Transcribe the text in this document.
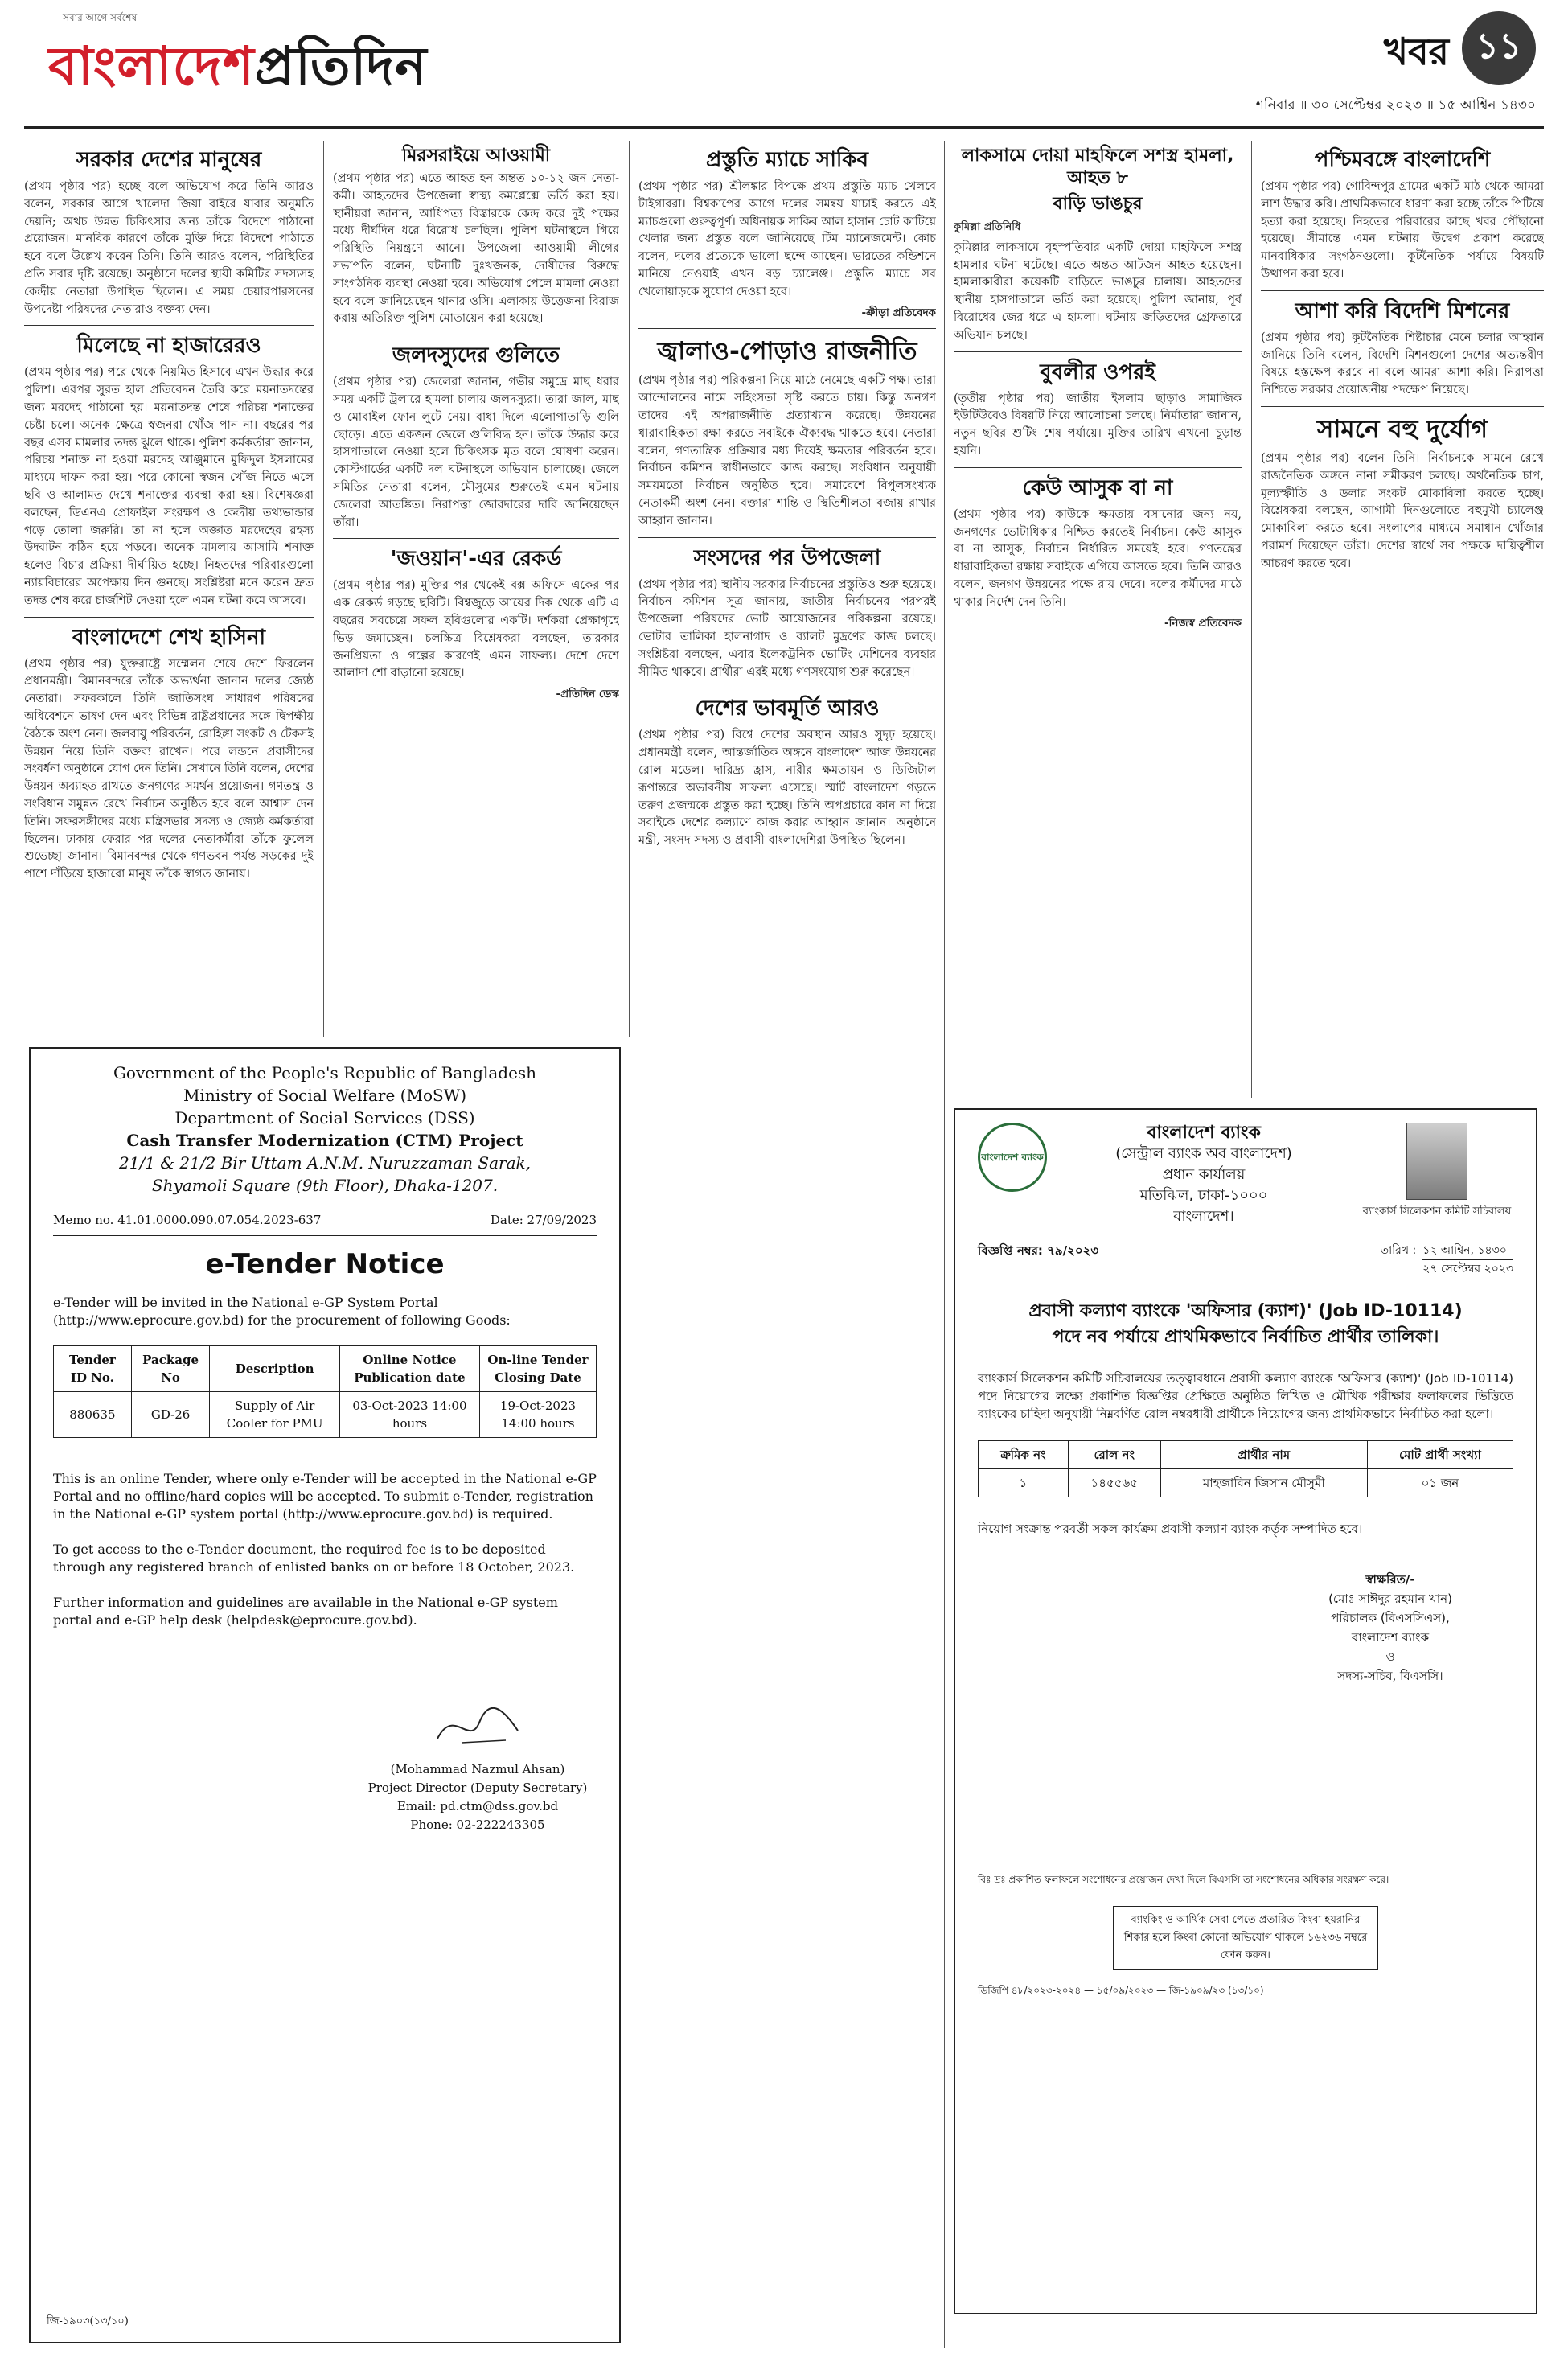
সবার আগে সর্বশেষ
বাংলাদেশপ্রতিদিন	খবর ১১
শনিবার ॥ ৩০ সেপ্টেম্বর ২০২৩ ॥ ১৫ আশ্বিন ১৪৩০
সরকার দেশের মানুষের

(প্রথম পৃষ্ঠার পর) হচ্ছে বলে অভিযোগ করে তিনি আরও বলেন, সরকার আগে খালেদা জিয়া বাইরে যাবার অনুমতি দেয়নি; অথচ উন্নত চিকিৎসার জন্য তাঁকে বিদেশে পাঠানো প্রয়োজন। মানবিক কারণে তাঁকে মুক্তি দিয়ে বিদেশে পাঠাতে হবে বলে উল্লেখ করেন তিনি। তিনি আরও বলেন, পরিস্থিতির প্রতি সবার দৃষ্টি রয়েছে। অনুষ্ঠানে দলের স্থায়ী কমিটির সদস্যসহ কেন্দ্রীয় নেতারা উপস্থিত ছিলেন। এ সময় চেয়ারপারসনের উপদেষ্টা পরিষদের নেতারাও বক্তব্য দেন।

মিলেছে না হাজারেরও

(প্রথম পৃষ্ঠার পর) পরে থেকে নিয়মিত হিসাবে এখন উদ্ধার করে পুলিশ। এরপর সুরত হাল প্রতিবেদন তৈরি করে ময়নাতদন্তের জন্য মরদেহ পাঠানো হয়। ময়নাতদন্ত শেষে পরিচয় শনাক্তের চেষ্টা চলে। অনেক ক্ষেত্রে স্বজনরা খোঁজ পান না। বছরের পর বছর এসব মামলার তদন্ত ঝুলে থাকে। পুলিশ কর্মকর্তারা জানান, পরিচয় শনাক্ত না হওয়া মরদেহ আঞ্জুমানে মুফিদুল ইসলামের মাধ্যমে দাফন করা হয়। পরে কোনো স্বজন খোঁজ নিতে এলে ছবি ও আলামত দেখে শনাক্তের ব্যবস্থা করা হয়। বিশেষজ্ঞরা বলছেন, ডিএনএ প্রোফাইল সংরক্ষণ ও কেন্দ্রীয় তথ্যভান্ডার গড়ে তোলা জরুরি। তা না হলে অজ্ঞাত মরদেহের রহস্য উদ্ঘাটন কঠিন হয়ে পড়বে। অনেক মামলায় আসামি শনাক্ত হলেও বিচার প্রক্রিয়া দীর্ঘায়িত হচ্ছে। নিহতদের পরিবারগুলো ন্যায়বিচারের অপেক্ষায় দিন গুনছে। সংশ্লিষ্টরা মনে করেন দ্রুত তদন্ত শেষ করে চার্জশিট দেওয়া হলে এমন ঘটনা কমে আসবে।

বাংলাদেশে শেখ হাসিনা

(প্রথম পৃষ্ঠার পর) যুক্তরাষ্ট্রে সম্মেলন শেষে দেশে ফিরলেন প্রধানমন্ত্রী। বিমানবন্দরে তাঁকে অভ্যর্থনা জানান দলের জ্যেষ্ঠ নেতারা। সফরকালে তিনি জাতিসংঘ সাধারণ পরিষদের অধিবেশনে ভাষণ দেন এবং বিভিন্ন রাষ্ট্রপ্রধানের সঙ্গে দ্বিপক্ষীয় বৈঠকে অংশ নেন। জলবায়ু পরিবর্তন, রোহিঙ্গা সংকট ও টেকসই উন্নয়ন নিয়ে তিনি বক্তব্য রাখেন। পরে লন্ডনে প্রবাসীদের সংবর্ধনা অনুষ্ঠানে যোগ দেন তিনি। সেখানে তিনি বলেন, দেশের উন্নয়ন অব্যাহত রাখতে জনগণের সমর্থন প্রয়োজন। গণতন্ত্র ও সংবিধান সমুন্নত রেখে নির্বাচন অনুষ্ঠিত হবে বলে আশ্বাস দেন তিনি। সফরসঙ্গীদের মধ্যে মন্ত্রিসভার সদস্য ও জ্যেষ্ঠ কর্মকর্তারা ছিলেন। ঢাকায় ফেরার পর দলের নেতাকর্মীরা তাঁকে ফুলেল শুভেচ্ছা জানান। বিমানবন্দর থেকে গণভবন পর্যন্ত সড়কের দুই পাশে দাঁড়িয়ে হাজারো মানুষ তাঁকে স্বাগত জানায়।

মিরসরাইয়ে আওয়ামী

(প্রথম পৃষ্ঠার পর) এতে আহত হন অন্তত ১০-১২ জন নেতা-কর্মী। আহতদের উপজেলা স্বাস্থ্য কমপ্লেক্সে ভর্তি করা হয়। স্থানীয়রা জানান, আধিপত্য বিস্তারকে কেন্দ্র করে দুই পক্ষের মধ্যে দীর্ঘদিন ধরে বিরোধ চলছিল। পুলিশ ঘটনাস্থলে গিয়ে পরিস্থিতি নিয়ন্ত্রণে আনে। উপজেলা আওয়ামী লীগের সভাপতি বলেন, ঘটনাটি দুঃখজনক, দোষীদের বিরুদ্ধে সাংগঠনিক ব্যবস্থা নেওয়া হবে। অভিযোগ পেলে মামলা নেওয়া হবে বলে জানিয়েছেন থানার ওসি। এলাকায় উত্তেজনা বিরাজ করায় অতিরিক্ত পুলিশ মোতায়েন করা হয়েছে।

জলদস্যুদের গুলিতে

(প্রথম পৃষ্ঠার পর) জেলেরা জানান, গভীর সমুদ্রে মাছ ধরার সময় একটি ট্রলারে হামলা চালায় জলদস্যুরা। তারা জাল, মাছ ও মোবাইল ফোন লুটে নেয়। বাধা দিলে এলোপাতাড়ি গুলি ছোড়ে। এতে একজন জেলে গুলিবিদ্ধ হন। তাঁকে উদ্ধার করে হাসপাতালে নেওয়া হলে চিকিৎসক মৃত বলে ঘোষণা করেন। কোস্টগার্ডের একটি দল ঘটনাস্থলে অভিযান চালাচ্ছে। জেলে সমিতির নেতারা বলেন, মৌসুমের শুরুতেই এমন ঘটনায় জেলেরা আতঙ্কিত। নিরাপত্তা জোরদারের দাবি জানিয়েছেন তাঁরা।

'জওয়ান'-এর রেকর্ড

(প্রথম পৃষ্ঠার পর) মুক্তির পর থেকেই বক্স অফিসে একের পর এক রেকর্ড গড়ছে ছবিটি। বিশ্বজুড়ে আয়ের দিক থেকে এটি এ বছরের সবচেয়ে সফল ছবিগুলোর একটি। দর্শকরা প্রেক্ষাগৃহে ভিড় জমাচ্ছেন। চলচ্চিত্র বিশ্লেষকরা বলছেন, তারকার জনপ্রিয়তা ও গল্পের কারণেই এমন সাফল্য। দেশে দেশে আলাদা শো বাড়ানো হয়েছে।

-প্রতিদিন ডেস্ক
প্রস্তুতি ম্যাচে সাকিব

(প্রথম পৃষ্ঠার পর) শ্রীলঙ্কার বিপক্ষে প্রথম প্রস্তুতি ম্যাচ খেলবে টাইগাররা। বিশ্বকাপের আগে দলের সমন্বয় যাচাই করতে এই ম্যাচগুলো গুরুত্বপূর্ণ। অধিনায়ক সাকিব আল হাসান চোট কাটিয়ে খেলার জন্য প্রস্তুত বলে জানিয়েছে টিম ম্যানেজমেন্ট। কোচ বলেন, দলের প্রত্যেকে ভালো ছন্দে আছেন। ভারতের কন্ডিশনে মানিয়ে নেওয়াই এখন বড় চ্যালেঞ্জ। প্রস্তুতি ম্যাচে সব খেলোয়াড়কে সুযোগ দেওয়া হবে।

-ক্রীড়া প্রতিবেদক
জ্বালাও-পোড়াও রাজনীতি

(প্রথম পৃষ্ঠার পর) পরিকল্পনা নিয়ে মাঠে নেমেছে একটি পক্ষ। তারা আন্দোলনের নামে সহিংসতা সৃষ্টি করতে চায়। কিন্তু জনগণ তাদের এই অপরাজনীতি প্রত্যাখ্যান করেছে। উন্নয়নের ধারাবাহিকতা রক্ষা করতে সবাইকে ঐক্যবদ্ধ থাকতে হবে। নেতারা বলেন, গণতান্ত্রিক প্রক্রিয়ার মধ্য দিয়েই ক্ষমতার পরিবর্তন হবে। নির্বাচন কমিশন স্বাধীনভাবে কাজ করছে। সংবিধান অনুযায়ী সময়মতো নির্বাচন অনুষ্ঠিত হবে। সমাবেশে বিপুলসংখ্যক নেতাকর্মী অংশ নেন। বক্তারা শান্তি ও স্থিতিশীলতা বজায় রাখার আহ্বান জানান।

সংসদের পর উপজেলা

(প্রথম পৃষ্ঠার পর) স্থানীয় সরকার নির্বাচনের প্রস্তুতিও শুরু হয়েছে। নির্বাচন কমিশন সূত্র জানায়, জাতীয় নির্বাচনের পরপরই উপজেলা পরিষদের ভোট আয়োজনের পরিকল্পনা রয়েছে। ভোটার তালিকা হালনাগাদ ও ব্যালট মুদ্রণের কাজ চলছে। সংশ্লিষ্টরা বলছেন, এবার ইলেকট্রনিক ভোটিং মেশিনের ব্যবহার সীমিত থাকবে। প্রার্থীরা এরই মধ্যে গণসংযোগ শুরু করেছেন।

দেশের ভাবমূর্তি আরও

(প্রথম পৃষ্ঠার পর) বিশ্বে দেশের অবস্থান আরও সুদৃঢ় হয়েছে। প্রধানমন্ত্রী বলেন, আন্তর্জাতিক অঙ্গনে বাংলাদেশ আজ উন্নয়নের রোল মডেল। দারিদ্র্য হ্রাস, নারীর ক্ষমতায়ন ও ডিজিটাল রূপান্তরে অভাবনীয় সাফল্য এসেছে। স্মার্ট বাংলাদেশ গড়তে তরুণ প্রজন্মকে প্রস্তুত করা হচ্ছে। তিনি অপপ্রচারে কান না দিয়ে সবাইকে দেশের কল্যাণে কাজ করার আহ্বান জানান। অনুষ্ঠানে মন্ত্রী, সংসদ সদস্য ও প্রবাসী বাংলাদেশিরা উপস্থিত ছিলেন।

লাকসামে দোয়া মাহফিলে সশস্ত্র হামলা, আহত ৮
বাড়ি ভাঙচুর
কুমিল্লা প্রতিনিধি

কুমিল্লার লাকসামে বৃহস্পতিবার একটি দোয়া মাহফিলে সশস্ত্র হামলার ঘটনা ঘটেছে। এতে অন্তত আটজন আহত হয়েছেন। হামলাকারীরা কয়েকটি বাড়িতে ভাঙচুর চালায়। আহতদের স্থানীয় হাসপাতালে ভর্তি করা হয়েছে। পুলিশ জানায়, পূর্ব বিরোধের জের ধরে এ হামলা। ঘটনায় জড়িতদের গ্রেফতারে অভিযান চলছে।

বুবলীর ওপরই

(তৃতীয় পৃষ্ঠার পর) জাতীয় ইসলাম ছাড়াও সামাজিক ইউটিউবেও বিষয়টি নিয়ে আলোচনা চলছে। নির্মাতারা জানান, নতুন ছবির শুটিং শেষ পর্যায়ে। মুক্তির তারিখ এখনো চূড়ান্ত হয়নি।

কেউ আসুক বা না

(প্রথম পৃষ্ঠার পর) কাউকে ক্ষমতায় বসানোর জন্য নয়, জনগণের ভোটাধিকার নিশ্চিত করতেই নির্বাচন। কেউ আসুক বা না আসুক, নির্বাচন নির্ধারিত সময়েই হবে। গণতন্ত্রের ধারাবাহিকতা রক্ষায় সবাইকে এগিয়ে আসতে হবে। তিনি আরও বলেন, জনগণ উন্নয়নের পক্ষে রায় দেবে। দলের কর্মীদের মাঠে থাকার নির্দেশ দেন তিনি।

-নিজস্ব প্রতিবেদক
পশ্চিমবঙ্গে বাংলাদেশি

(প্রথম পৃষ্ঠার পর) গোবিন্দপুর গ্রামের একটি মাঠ থেকে আমরা লাশ উদ্ধার করি। প্রাথমিকভাবে ধারণা করা হচ্ছে তাঁকে পিটিয়ে হত্যা করা হয়েছে। নিহতের পরিবারের কাছে খবর পৌঁছানো হয়েছে। সীমান্তে এমন ঘটনায় উদ্বেগ প্রকাশ করেছে মানবাধিকার সংগঠনগুলো। কূটনৈতিক পর্যায়ে বিষয়টি উত্থাপন করা হবে।

আশা করি বিদেশি মিশনের

(প্রথম পৃষ্ঠার পর) কূটনৈতিক শিষ্টাচার মেনে চলার আহ্বান জানিয়ে তিনি বলেন, বিদেশি মিশনগুলো দেশের অভ্যন্তরীণ বিষয়ে হস্তক্ষেপ করবে না বলে আমরা আশা করি। নিরাপত্তা নিশ্চিতে সরকার প্রয়োজনীয় পদক্ষেপ নিয়েছে।

সামনে বহু দুর্যোগ

(প্রথম পৃষ্ঠার পর) বলেন তিনি। নির্বাচনকে সামনে রেখে রাজনৈতিক অঙ্গনে নানা সমীকরণ চলছে। অর্থনৈতিক চাপ, মূল্যস্ফীতি ও ডলার সংকট মোকাবিলা করতে হচ্ছে। বিশ্লেষকরা বলছেন, আগামী দিনগুলোতে বহুমুখী চ্যালেঞ্জ মোকাবিলা করতে হবে। সংলাপের মাধ্যমে সমাধান খোঁজার পরামর্শ দিয়েছেন তাঁরা। দেশের স্বার্থে সব পক্ষকে দায়িত্বশীল আচরণ করতে হবে।

Government of the People's Republic of Bangladesh
Ministry of Social Welfare (MoSW)
Department of Social Services (DSS)
Cash Transfer Modernization (CTM) Project
21/1 & 21/2 Bir Uttam A.N.M. Nuruzzaman Sarak,
Shyamoli Square (9th Floor), Dhaka-1207.
Memo no. 41.01.0000.090.07.054.2023-637	Date: 27/09/2023
e-Tender Notice

e-Tender will be invited in the National e-GP System Portal (http://www.eprocure.gov.bd) for the procurement of following Goods:

Tender ID No.	Package No	Description	Online Notice Publication date	On-line Tender Closing Date
880635	GD-26	Supply of Air Cooler for PMU	03-Oct-2023 14:00 hours	19-Oct-2023 14:00 hours

This is an online Tender, where only e-Tender will be accepted in the National e-GP Portal and no offline/hard copies will be accepted. To submit e-Tender, registration in the National e-GP system portal (http://www.eprocure.gov.bd) is required.

To get access to the e-Tender document, the required fee is to be deposited through any registered branch of enlisted banks on or before 18 October, 2023.

Further information and guidelines are available in the National e-GP system portal and e-GP help desk (helpdesk@eprocure.gov.bd).

(Mohammad Nazmul Ahsan)
Project Director (Deputy Secretary)
Email: pd.ctm@dss.gov.bd
Phone: 02-222243305
জি-১৯০৩(১৩/১০)
বাংলাদেশ ব্যাংক
বাংলাদেশ ব্যাংক
(সেন্ট্রাল ব্যাংক অব বাংলাদেশ)
প্রধান কার্যালয়
মতিঝিল, ঢাকা-১০০০
বাংলাদেশ।	ব্যাংকার্স সিলেকশন কমিটি সচিবালয়
বিজ্ঞপ্তি নম্বর: ৭৯/২০২৩	তারিখ : ১২ আশ্বিন, ১৪৩০
২৭ সেপ্টেম্বর ২০২৩
প্রবাসী কল্যাণ ব্যাংকে 'অফিসার (ক্যাশ)' (Job ID-10114)
পদে নব পর্যায়ে প্রাথমিকভাবে নির্বাচিত প্রার্থীর তালিকা।

ব্যাংকার্স সিলেকশন কমিটি সচিবালয়ের তত্ত্বাবধানে প্রবাসী কল্যাণ ব্যাংকে 'অফিসার (ক্যাশ)' (Job ID-10114) পদে নিয়োগের লক্ষ্যে প্রকাশিত বিজ্ঞপ্তির প্রেক্ষিতে অনুষ্ঠিত লিখিত ও মৌখিক পরীক্ষার ফলাফলের ভিত্তিতে ব্যাংকের চাহিদা অনুযায়ী নিম্নবর্ণিত রোল নম্বরধারী প্রার্থীকে নিয়োগের জন্য প্রাথমিকভাবে নির্বাচিত করা হলো।

ক্রমিক নং	রোল নং	প্রার্থীর নাম	মোট প্রার্থী সংখ্যা
১	১৪৫৫৬৫	মাহজাবিন জিসান মৌসুমী	০১ জন

নিয়োগ সংক্রান্ত পরবর্তী সকল কার্যক্রম প্রবাসী কল্যাণ ব্যাংক কর্তৃক সম্পাদিত হবে।

স্বাক্ষরিত/-
(মোঃ সাঈদুর রহমান খান)
পরিচালক (বিএসসিএস),
বাংলাদেশ ব্যাংক
ও
সদস্য-সচিব, বিএসসি।
বিঃ দ্রঃ প্রকাশিত ফলাফলে সংশোধনের প্রয়োজন দেখা দিলে বিএসসি তা সংশোধনের অধিকার সংরক্ষণ করে।
ব্যাংকিং ও আর্থিক সেবা পেতে প্রতারিত কিংবা হয়রানির শিকার হলে কিংবা কোনো অভিযোগ থাকলে ১৬২৩৬ নম্বরে ফোন করুন।
ডিজিপি ৪৮/২০২৩-২০২৪ — ১৫/০৯/২০২৩ — জি-১৯০৯/২৩ (১৩/১০)
